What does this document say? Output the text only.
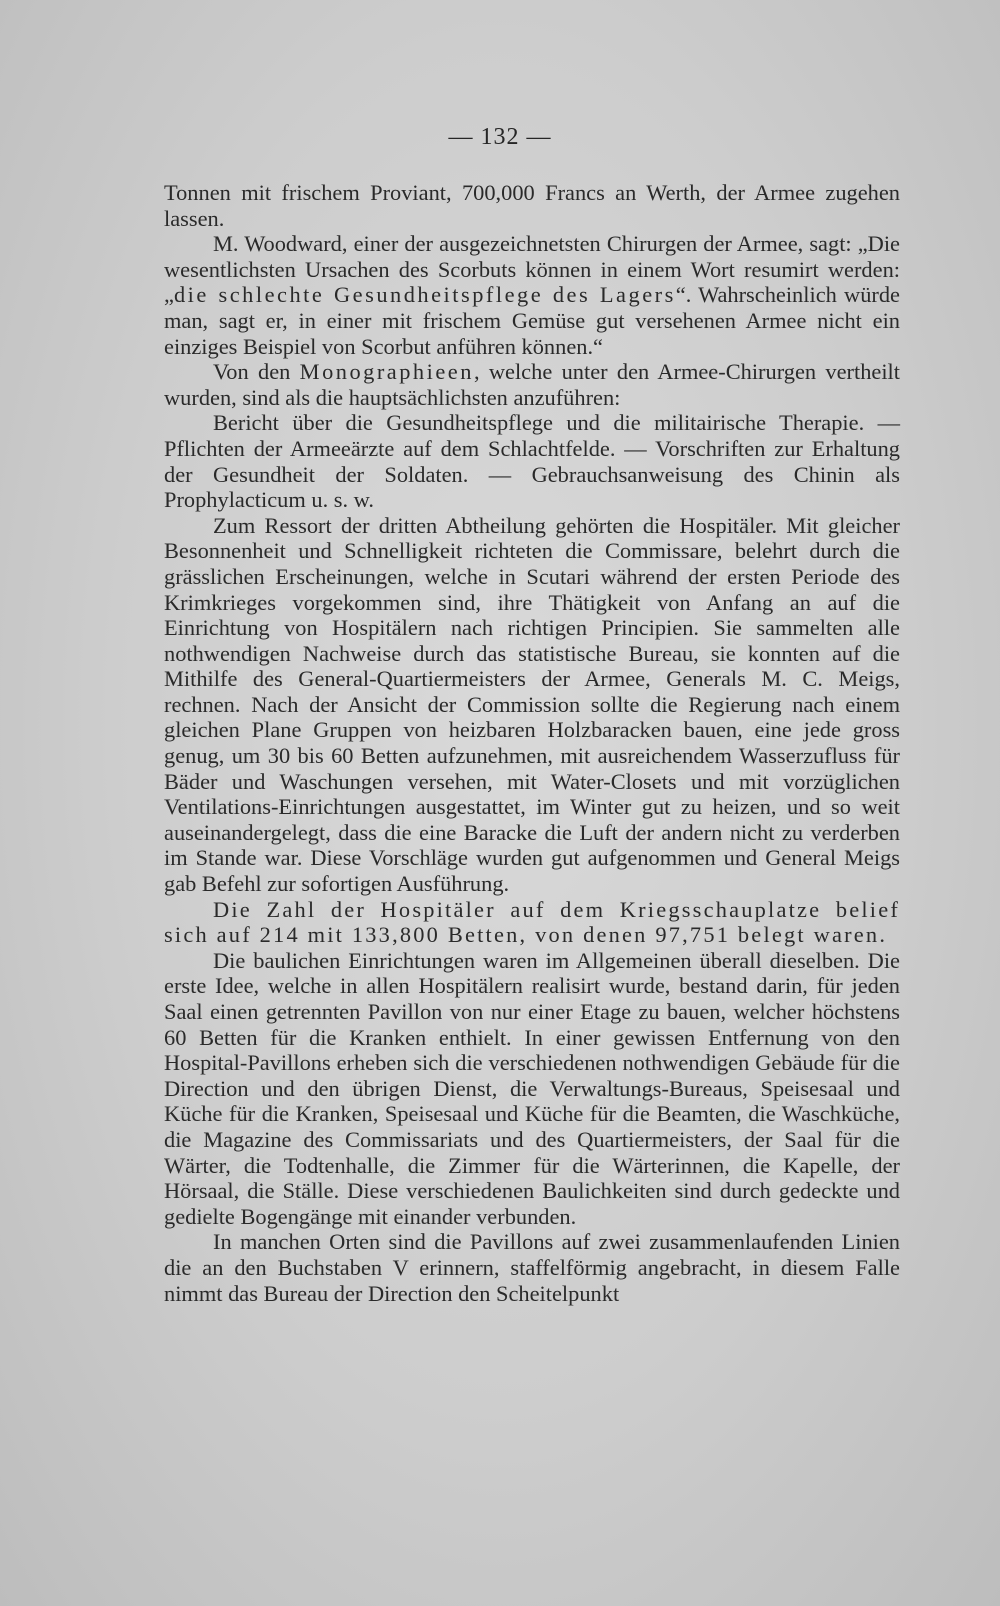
— 132 —

Tonnen mit frischem Proviant, 700,000 Francs an Werth, der Armee zugehen lassen.

M. Woodward, einer der ausgezeichnetsten Chirurgen der Armee, sagt: „Die wesentlichsten Ursachen des Scorbuts können in einem Wort resumirt werden: „die schlechte Gesundheitspflege des Lagers“. Wahrscheinlich würde man, sagt er, in einer mit frischem Gemüse gut versehenen Armee nicht ein einziges Beispiel von Scorbut anführen können.“

Von den Monographieen, welche unter den Armee-Chirurgen vertheilt wurden, sind als die hauptsächlichsten anzuführen:

Bericht über die Gesundheitspflege und die militairische Therapie. — Pflichten der Armeeärzte auf dem Schlachtfelde. — Vorschriften zur Erhaltung der Gesundheit der Soldaten. — Gebrauchsanweisung des Chinin als Prophylacticum u. s. w.

Zum Ressort der dritten Abtheilung gehörten die Hospitäler. Mit gleicher Besonnenheit und Schnelligkeit richteten die Commissare, belehrt durch die grässlichen Erscheinungen, welche in Scutari während der ersten Periode des Krimkrieges vorgekommen sind, ihre Thätigkeit von Anfang an auf die Einrichtung von Hospitälern nach richtigen Principien. Sie sammelten alle nothwendigen Nachweise durch das statistische Bureau, sie konnten auf die Mithilfe des General-Quartiermeisters der Armee, Generals M. C. Meigs, rechnen. Nach der Ansicht der Commission sollte die Regierung nach einem gleichen Plane Gruppen von heizbaren Holzbaracken bauen, eine jede gross genug, um 30 bis 60 Betten aufzunehmen, mit ausreichendem Wasserzufluss für Bäder und Waschungen versehen, mit Water-Closets und mit vorzüglichen Ventilations-Einrichtungen ausgestattet, im Winter gut zu heizen, und so weit auseinandergelegt, dass die eine Baracke die Luft der andern nicht zu verderben im Stande war. Diese Vorschläge wurden gut aufgenommen und General Meigs gab Befehl zur sofortigen Ausführung.

Die Zahl der Hospitäler auf dem Kriegsschauplatze belief sich auf 214 mit 133,800 Betten, von denen 97,751 belegt waren.

Die baulichen Einrichtungen waren im Allgemeinen überall dieselben. Die erste Idee, welche in allen Hospitälern realisirt wurde, bestand darin, für jeden Saal einen getrennten Pavillon von nur einer Etage zu bauen, welcher höchstens 60 Betten für die Kranken enthielt. In einer gewissen Entfernung von den Hospital-Pavillons erheben sich die verschiedenen nothwendigen Gebäude für die Direction und den übrigen Dienst, die Verwaltungs-Bureaus, Speisesaal und Küche für die Kranken, Speisesaal und Küche für die Beamten, die Waschküche, die Magazine des Commissariats und des Quartiermeisters, der Saal für die Wärter, die Todtenhalle, die Zimmer für die Wärterinnen, die Kapelle, der Hörsaal, die Ställe. Diese verschiedenen Baulichkeiten sind durch gedeckte und gedielte Bogengänge mit einander verbunden.

In manchen Orten sind die Pavillons auf zwei zusammenlaufenden Linien die an den Buchstaben V erinnern, staffelförmig angebracht, in diesem Falle nimmt das Bureau der Direction den Scheitelpunkt
